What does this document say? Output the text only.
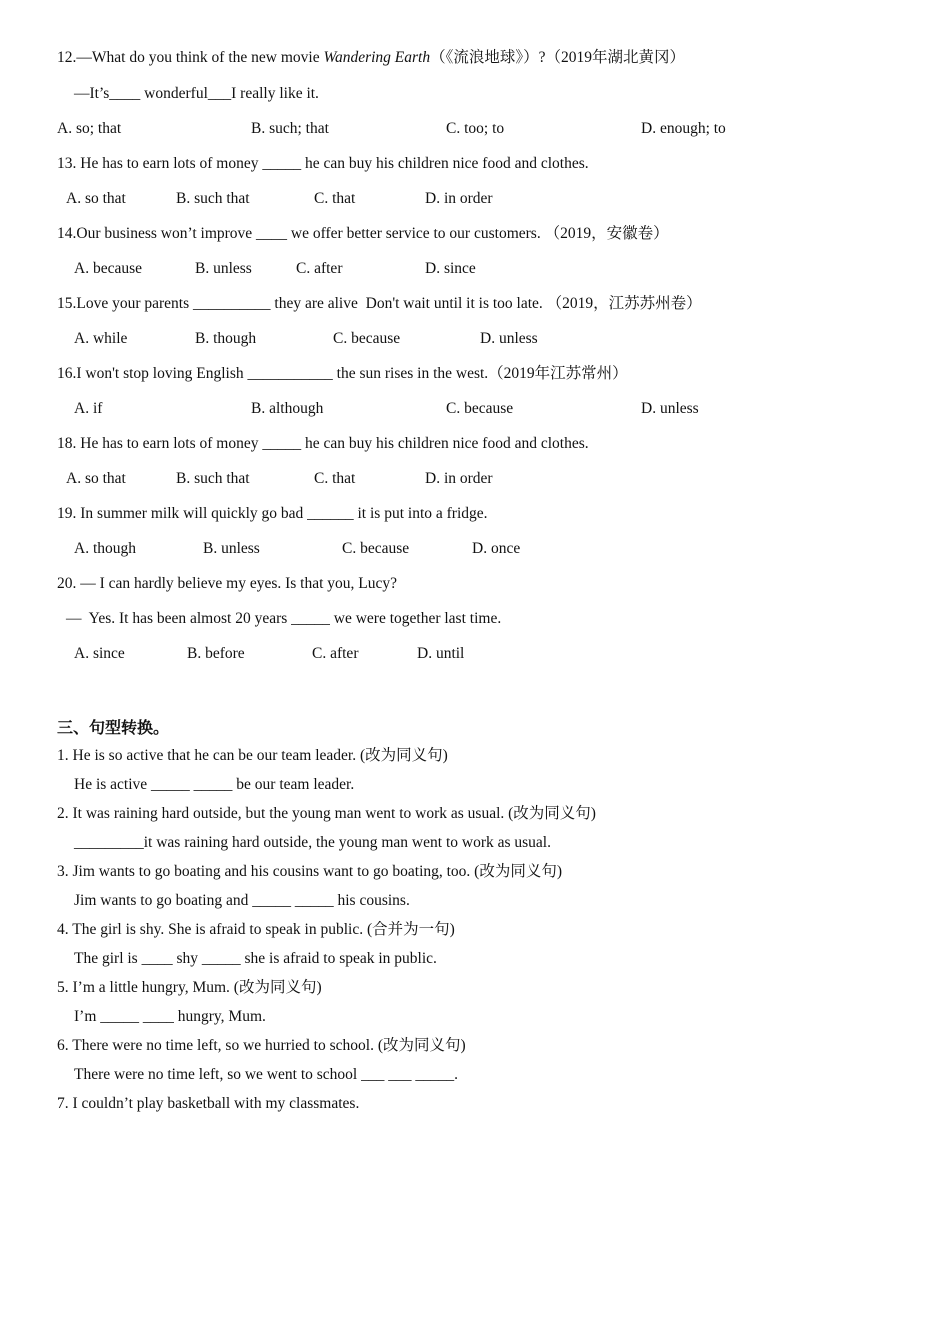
12.—What do you think of the new movie Wandering Earth（《流浪地球》）?（2019年湖北黄冈）
—It’s____ wonderful___I really like it.
A. so; that	B. such; that	C. too; to	D. enough; to
13. He has to earn lots of money _____ he can buy his children nice food and clothes.
A. so that	B. such that	C. that	D. in order
14.Our business won’t improve ____ we offer better service to our customers. （2019，安徽卷）
A. because	B. unless	C. after	D. since
15.Love your parents __________ they are alive  Don't wait until it is too late. （2019，江苏苏州卷）
A. while	B. though	C. because	D. unless
16.I won't stop loving English ___________ the sun rises in the west.（2019年江苏常州）
A. if	B. although	C. because	D. unless
18. He has to earn lots of money _____ he can buy his children nice food and clothes.
A. so that	B. such that	C. that	D. in order
19. In summer milk will quickly go bad ______ it is put into a fridge.
A. though	B. unless	C. because	D. once
20. — I can hardly believe my eyes. Is that you, Lucy?
—  Yes. It has been almost 20 years _____ we were together last time.
A. since	B. before	C. after	D. until
三、句型转换。
1. He is so active that he can be our team leader. (改为同义句)
He is active _____ _____ be our team leader.
2. It was raining hard outside, but the young man went to work as usual. (改为同义句)
_________it was raining hard outside, the young man went to work as usual.
3. Jim wants to go boating and his cousins want to go boating, too. (改为同义句)
Jim wants to go boating and _____ _____ his cousins.
4. The girl is shy. She is afraid to speak in public. (合并为一句)
The girl is ____ shy _____ she is afraid to speak in public.
5. I’m a little hungry, Mum. (改为同义句)
I’m _____ ____ hungry, Mum.
6. There were no time left, so we hurried to school. (改为同义句)
There were no time left, so we went to school ___ ___ _____.
7. I couldn’t play basketball with my classmates.
